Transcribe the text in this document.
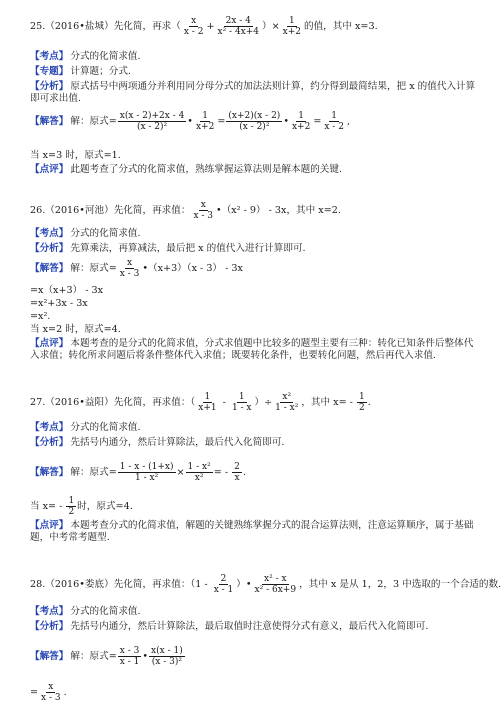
25.（2016•盐城）先化简，再求（ $\frac{x}{x - 2} + \frac{2x - 4}{\text{x² - 4x+4}}$ ）× $\frac{1}{x+2}$ 的值，其中 x=3.
【考点】 分式的化简求值.
【专题】 计算题；分式.
【分析】 原式括号中两项通分并利用同分母分式的加法法则计算，约分得到最简结果，把 x 的值代入计算即可求出值.
【解答】 解：原式= $\frac{x(x - 2)+2x - 4}{\text{(x - 2)²}}$ • $\frac{1}{x+2} = \frac{(x+2)(x - 2)}{\text{(x - 2)²}}$ • $\frac{1}{x+2} = \frac{1}{x - 2}$ ,
当 x=3 时，原式=1.
【点评】 此题考查了分式的化简求值，熟练掌握运算法则是解本题的关键.
26.（2016•河池）先化简，再求值： $\frac{x}{x - 3}$ •（x² - 9） - 3x，其中 x=2.
【考点】 分式的化简求值.
【分析】 先算乘法，再算减法，最后把 x 的值代入进行计算即可.
【解答】 解：原式= $\frac{x}{x - 3}$ •（x+3）（x - 3） - 3x
=x（x+3） - 3x
=x²+3x - 3x
=x².
当 x=2 时，原式=4.
【点评】 本题考查的是分式的化简求值，分式求值题中比较多的题型主要有三种：转化已知条件后整体代入求值；转化所求问题后将条件整体代入求值；既要转化条件，也要转化问题，然后再代入求值.
27.（2016•益阳）先化简，再求值：（ $\frac{1}{x+1} - \frac{1}{1 - x}$ ）÷ $\frac{\text{x²}}{\text{1 - x²}}$ ，其中 $x= - \frac{1}{2}$ .
【考点】 分式的化简求值.
【分析】 先括号内通分，然后计算除法，最后代入化简即可.
【解答】 解：原式= $\frac{1 - x - (1+x)}{\text{1 - x²}} \times \frac{\text{1 - x²}}{\text{x²}}$ = - $\frac{2}{x}$ .
当 $x= - \frac{1}{2}$ 时，原式=4.
【点评】 本题考查分式的化简求值，解题的关键熟练掌握分式的混合运算法则，注意运算顺序，属于基础题，中考常考题型.
28.（2016•娄底）先化简，再求值：（$1 - \frac{2}{x - 1}$ ）• $\frac{\text{x² - x}}{\text{x² - 6x+9}}$ ，其中 x 是从 1，2，3 中选取的一个合适的数.
【考点】 分式的化简求值.
【分析】 先括号内通分，然后计算除法，最后取值时注意使得分式有意义，最后代入化简即可.
【解答】 解：原式= $\frac{x - 3}{x - 1}$ • $\frac{x(x - 1)}{\text{(x - 3)²}}$
= $\frac{x}{x - 3}$ .
